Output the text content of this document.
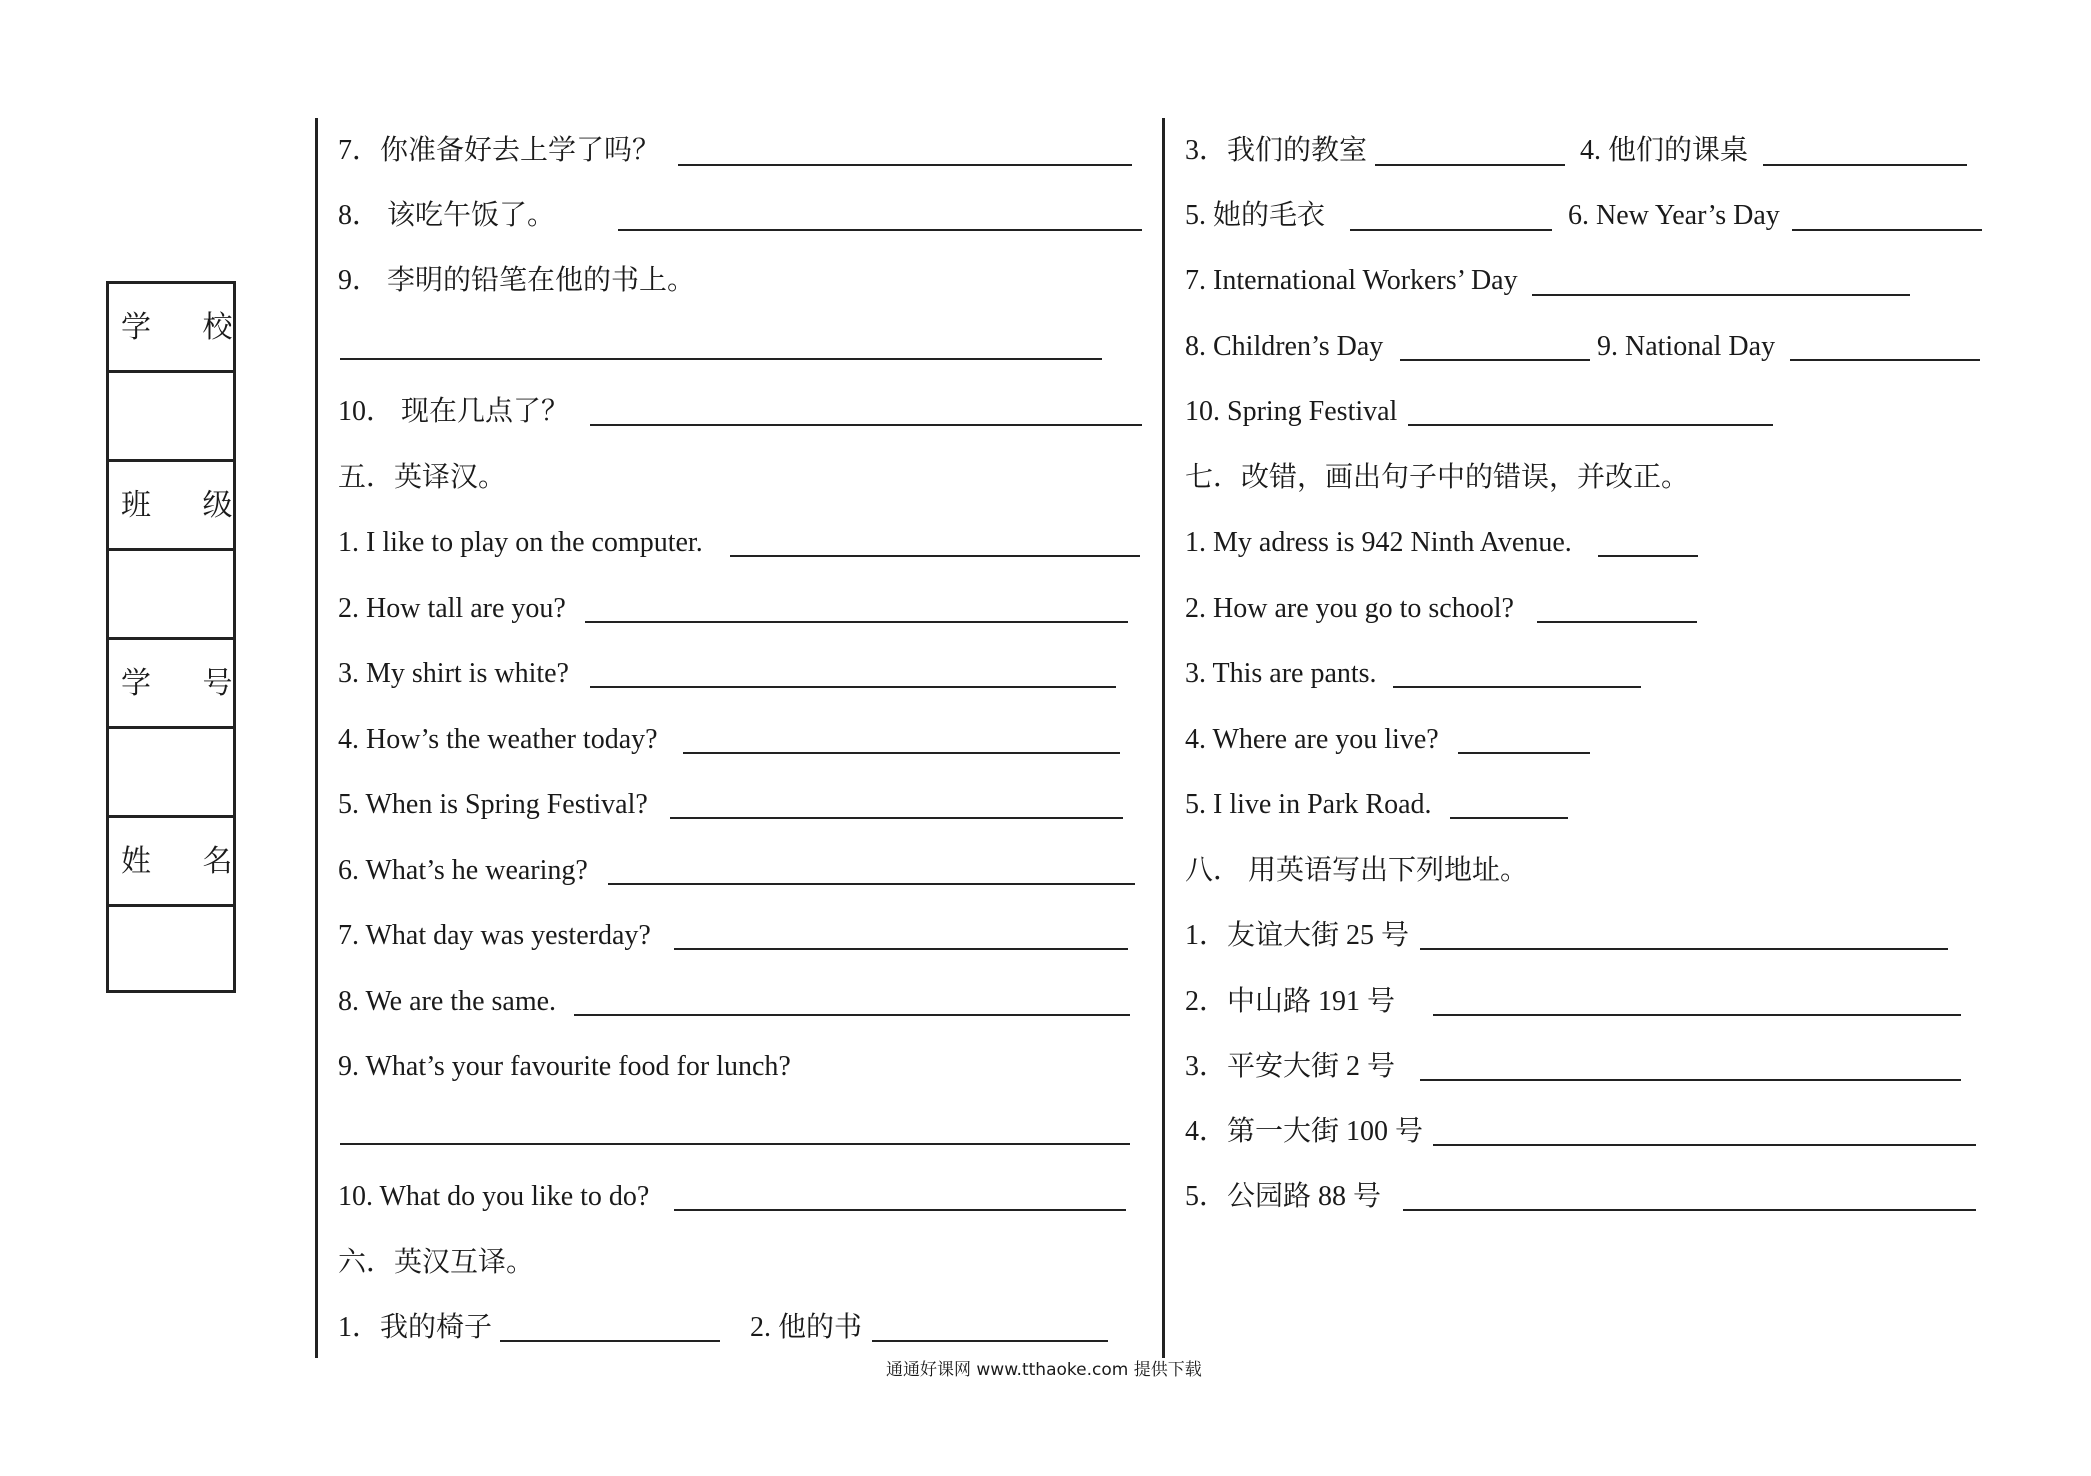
学 校
班 级
学 号
姓 名
7．你准备好去上学了吗？
8． 该吃午饭了。
9． 李明的铅笔在他的书上。
10． 现在几点了？
五．英译汉。
1. I like to play on the computer.
2. How tall are you?
3. My shirt is white?
4. How’s the weather today?
5. When is Spring Festival?
6. What’s he wearing?
7. What day was yesterday?
8. We are the same.
9. What’s your favourite food for lunch?
10. What do you like to do?
六．英汉互译。
1．我的椅子	2. 他的书
3．我们的教室	4. 他们的课桌
5. 她的毛衣	6. New Year’s Day
7. International Workers’ Day
8. Children’s Day	9. National Day
10. Spring Festival
七．改错，画出句子中的错误，并改正。
1. My adress is 942 Ninth Avenue.
2. How are you go to school?
3. This are pants.
4. Where are you live?
5. I live in Park Road.
八． 用英语写出下列地址。
1．友谊大街 25 号
2．中山路 191 号
3．平安大街 2 号
4．第一大街 100 号
5．公园路 88 号
通通好课网 www.tthaoke.com 提供下载
